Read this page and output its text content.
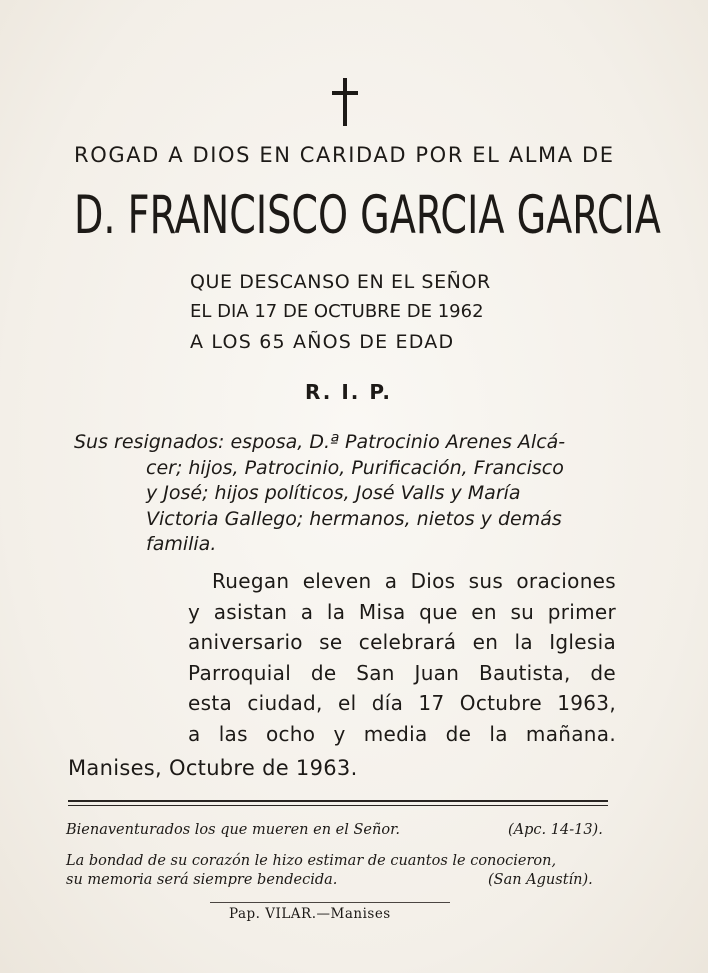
ROGAD A DIOS EN CARIDAD POR EL ALMA DE
D. FRANCISCO GARCIA GARCIA
QUE DESCANSO EN EL SEÑOR
EL DIA 17 DE OCTUBRE DE 1962
A LOS 65 AÑOS DE EDAD
R. I. P.
Sus resignados: esposa, D.ª Patrocinio Arenes Alcá-
cer; hijos, Patrocinio, Purificación, Francisco
y José; hijos políticos, José Valls y María
Victoria Gallego; hermanos, nietos y demás
familia.
Ruegan eleven a Dios sus oraciones
y asistan a la Misa que en su primer
aniversario se celebrará en la Iglesia
Parroquial de San Juan Bautista, de
esta ciudad, el día 17 Octubre 1963,
a las ocho y media de la mañana.
Manises, Octubre de 1963.
Bienaventurados los que mueren en el Señor.	(Apc. 14-13).
La bondad de su corazón le hizo estimar de cuantos le conocieron,
su memoria será siempre bendecida.	(San Agustín).
Pap. VILAR.—Manises
